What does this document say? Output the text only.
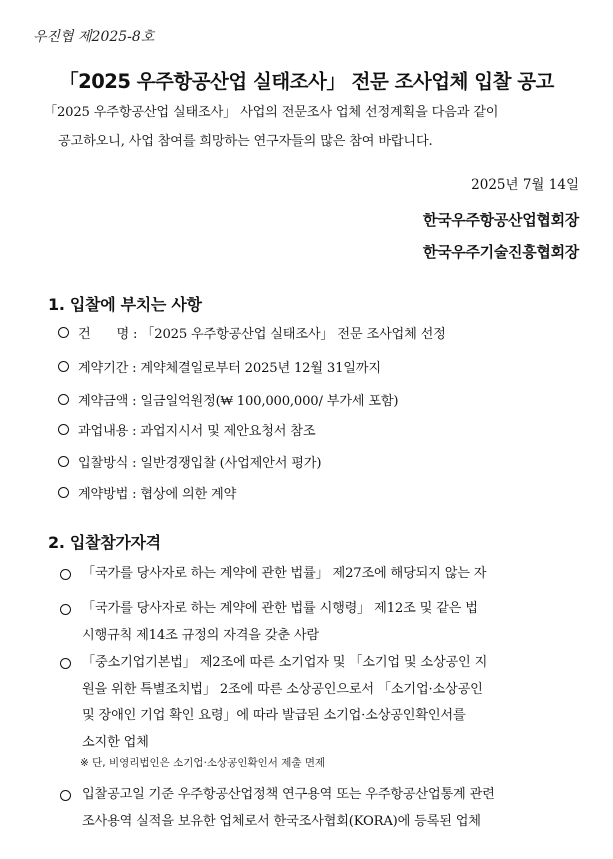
우진협 제2025-8호
「2025 우주항공산업 실태조사」 전문 조사업체 입찰 공고
「2025 우주항공산업 실태조사」 사업의 전문조사 업체 선정계획을 다음과 같이
공고하오니, 사업 참여를 희망하는 연구자들의 많은 참여 바랍니다.
2025년 7월 14일
한국우주항공산업협회장
한국우주기술진흥협회장
1. 입찰에 부치는 사항
건　　명 : 「2025 우주항공산업 실태조사」 전문 조사업체 선정
계약기간 : 계약체결일로부터 2025년 12월 31일까지
계약금액 : 일금일억원정(₩ 100,000,000/ 부가세 포함)
과업내용 : 과업지시서 및 제안요청서 참조
입찰방식 : 일반경쟁입찰 (사업제안서 평가)
계약방법 : 협상에 의한 계약
2. 입찰참가자격
「국가를 당사자로 하는 계약에 관한 법률」 제27조에 해당되지 않는 자
「국가를 당사자로 하는 계약에 관한 법률 시행령」 제12조 및 같은 법
시행규칙 제14조 규정의 자격을 갖춘 사람
「중소기업기본법」 제2조에 따른 소기업자 및 「소기업 및 소상공인 지
원을 위한 특별조치법」 2조에 따른 소상공인으로서 「소기업·소상공인
및 장애인 기업 확인 요령」에 따라 발급된 소기업·소상공인확인서를
소지한 업체
※ 단, 비영리법인은 소기업·소상공인확인서 제출 면제
입찰공고일 기준 우주항공산업정책 연구용역 또는 우주항공산업통계 관련
조사용역 실적을 보유한 업체로서 한국조사협회(KORA)에 등록된 업체
